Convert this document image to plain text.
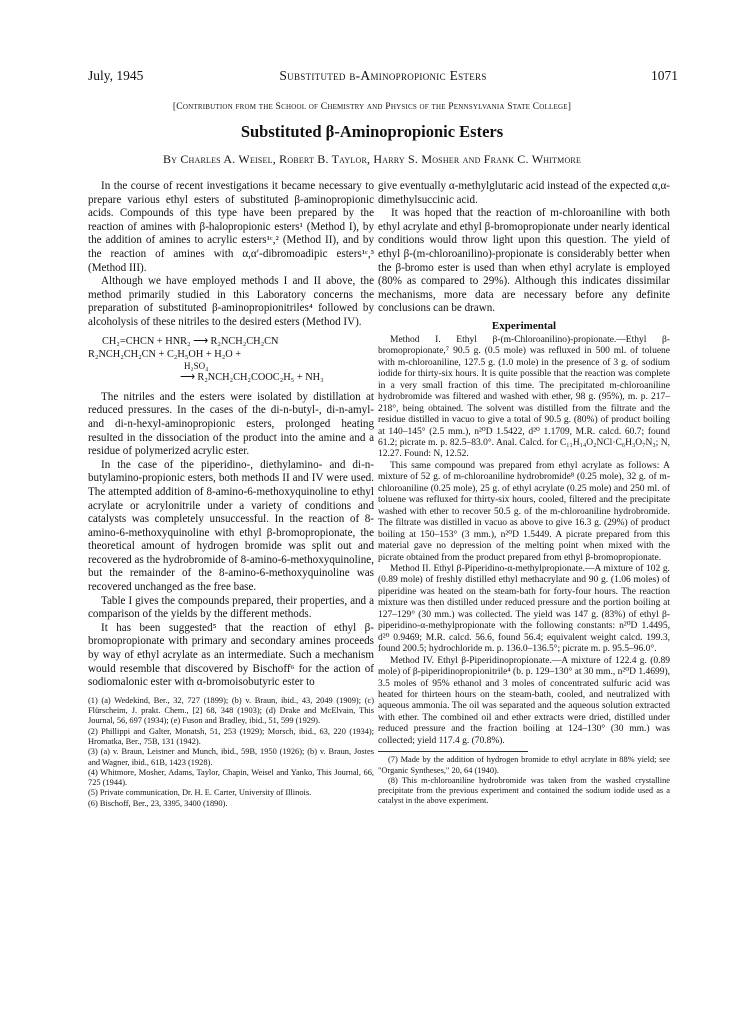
July, 1945	Substituted β-Aminopropionic Esters	1071
[Contribution from the School of Chemistry and Physics of the Pennsylvania State College]
Substituted β-Aminopropionic Esters
By Charles A. Weisel, Robert B. Taylor, Harry S. Mosher and Frank C. Whitmore

In the course of recent investigations it became necessary to prepare various ethyl esters of substituted β-aminopropionic acids. Compounds of this type have been prepared by the reaction of amines with β-halopropionic esters¹ (Method I), by the addition of amines to acrylic esters¹ᶜ,² (Method II), and by the reaction of amines with α,α′-dibromoadipic esters¹ᶜ,³ (Method III).

Although we have employed methods I and II above, the method primarily studied in this Laboratory concerns the preparation of substituted β-aminopropionitriles⁴ followed by alcoholysis of these nitriles to the desired esters (Method IV).

CH₂=CHCN + HNR₂ ⟶ R₂NCH₂CH₂CN
R₂NCH₂CH₂CN + C₂H₅OH + H₂O +
H₂SO₄
⟶ R₂NCH₂CH₂COOC₂H₅ + NH₃

The nitriles and the esters were isolated by distillation at reduced pressures. In the cases of the di-n-butyl-, di-n-amyl- and di-n-hexyl-aminopropionic esters, prolonged heating resulted in the dissociation of the product into the amine and a residue of polymerized acrylic ester.

In the case of the piperidino-, diethylamino- and di-n-butylamino-propionic esters, both methods II and IV were used. The attempted addition of 8-amino-6-methoxyquinoline to ethyl acrylate or acrylonitrile under a variety of conditions and catalysts was completely unsuccessful. In the reaction of 8-amino-6-methoxyquinoline with ethyl β-bromopropionate, the theoretical amount of hydrogen bromide was split out and recovered as the hydrobromide of 8-amino-6-methoxyquinoline, but the remainder of the 8-amino-6-methoxyquinoline was recovered unchanged as the free base.

Table I gives the compounds prepared, their properties, and a comparison of the yields by the different methods.

It has been suggested⁵ that the reaction of ethyl β-bromopropionate with primary and secondary amines proceeds by way of ethyl acrylate as an intermediate. Such a mechanism would resemble that discovered by Bischoff⁶ for the action of sodiomalonic ester with α-bromoisobutyric ester to

(1) (a) Wedekind, Ber., 32, 727 (1899); (b) v. Braun, ibid., 43, 2049 (1909); (c) Flürscheim, J. prakt. Chem., [2] 68, 348 (1903); (d) Drake and McElvain, This Journal, 56, 697 (1934); (e) Fuson and Bradley, ibid., 51, 599 (1929).

(2) Phillippi and Galter, Monatsh, 51, 253 (1929); Morsch, ibid., 63, 220 (1934); Hromatka, Ber., 75B, 131 (1942).

(3) (a) v. Braun, Leistner and Munch, ibid., 59B, 1950 (1926); (b) v. Braun, Jostes and Wagner, ibid., 61B, 1423 (1928).

(4) Whitmore, Mosher, Adams, Taylor, Chapin, Weisel and Yanko, This Journal, 66, 725 (1944).

(5) Private communication, Dr. H. E. Carter, University of Illinois.

(6) Bischoff, Ber., 23, 3395, 3400 (1890).

give eventually α-methylglutaric acid instead of the expected α,α-dimethylsuccinic acid.

It was hoped that the reaction of m-chloroaniline with both ethyl acrylate and ethyl β-bromopropionate under nearly identical conditions would throw light upon this question. The yield of ethyl β-(m-chloroanilino)-propionate is considerably better when the β-bromo ester is used than when ethyl acrylate is employed (80% as compared to 29%). Although this indicates dissimilar mechanisms, more data are necessary before any definite conclusions can be drawn.

Experimental

Method I. Ethyl β-(m-Chloroanilino)-propionate.—Ethyl β-bromopropionate,⁷ 90.5 g. (0.5 mole) was refluxed in 500 ml. of toluene with m-chloroaniline, 127.5 g. (1.0 mole) in the presence of 3 g. of sodium iodide for thirty-six hours. It is quite possible that the reaction was complete in a very small fraction of this time. The precipitated m-chloroaniline hydrobromide was filtered and washed with ether, 98 g. (95%), m. p. 217–218°, being obtained. The solvent was distilled from the filtrate and the residue distilled in vacuo to give a total of 90.5 g. (80%) of product boiling at 140–145° (2.5 mm.), n²⁰D 1.5422, d²⁰ 1.1709, M.R. calcd. 60.7; found 61.2; picrate m. p. 82.5–83.0°. Anal. Calcd. for C₁₁H₁₄O₂NCl·C₆H₃O₇N₃; N, 12.27. Found: N, 12.52.

This same compound was prepared from ethyl acrylate as follows: A mixture of 52 g. of m-chloroaniline hydrobromide⁸ (0.25 mole), 32 g. of m-chloroaniline (0.25 mole), 25 g. of ethyl acrylate (0.25 mole) and 250 ml. of toluene was refluxed for thirty-six hours, cooled, filtered and the precipitate washed with ether to recover 50.5 g. of the m-chloroaniline hydrobromide. The filtrate was distilled in vacuo as above to give 16.3 g. (29%) of product boiling at 150–153° (3 mm.), n²⁰D 1.5449. A picrate prepared from this material gave no depression of the melting point when mixed with the picrate obtained from the product prepared from ethyl β-bromopropionate.

Method II. Ethyl β-Piperidino-α-methylpropionate.—A mixture of 102 g. (0.89 mole) of freshly distilled ethyl methacrylate and 90 g. (1.06 moles) of piperidine was heated on the steam-bath for forty-four hours. The reaction mixture was then distilled under reduced pressure and the portion boiling at 127–129° (30 mm.) was collected. The yield was 147 g. (83%) of ethyl β-piperidino-α-methylpropionate with the following constants: n²⁰D 1.4495, d²⁰ 0.9469; M.R. calcd. 56.6, found 56.4; equivalent weight calcd. 199.3, found 200.5; hydrochloride m. p. 136.0–136.5°; picrate m. p. 95.5–96.0°.

Method IV. Ethyl β-Piperidinopropionate.—A mixture of 122.4 g. (0.89 mole) of β-piperidinopropionitrile⁴ (b. p. 129–130° at 30 mm., n²⁰D 1.4699), 3.5 moles of 95% ethanol and 3 moles of concentrated sulfuric acid was heated for thirteen hours on the steam-bath, cooled, and neutralized with aqueous ammonia. The oil was separated and the aqueous solution extracted with ether. The combined oil and ether extracts were dried, distilled under reduced pressure and the fraction boiling at 124–130° (30 mm.) was collected; yield 117.4 g. (70.8%).

(7) Made by the addition of hydrogen bromide to ethyl acrylate in 88% yield; see "Organic Syntheses," 20, 64 (1940).

(8) This m-chloroaniline hydrobromide was taken from the washed crystalline precipitate from the previous experiment and contained the sodium iodide used as a catalyst in the above experiment.
